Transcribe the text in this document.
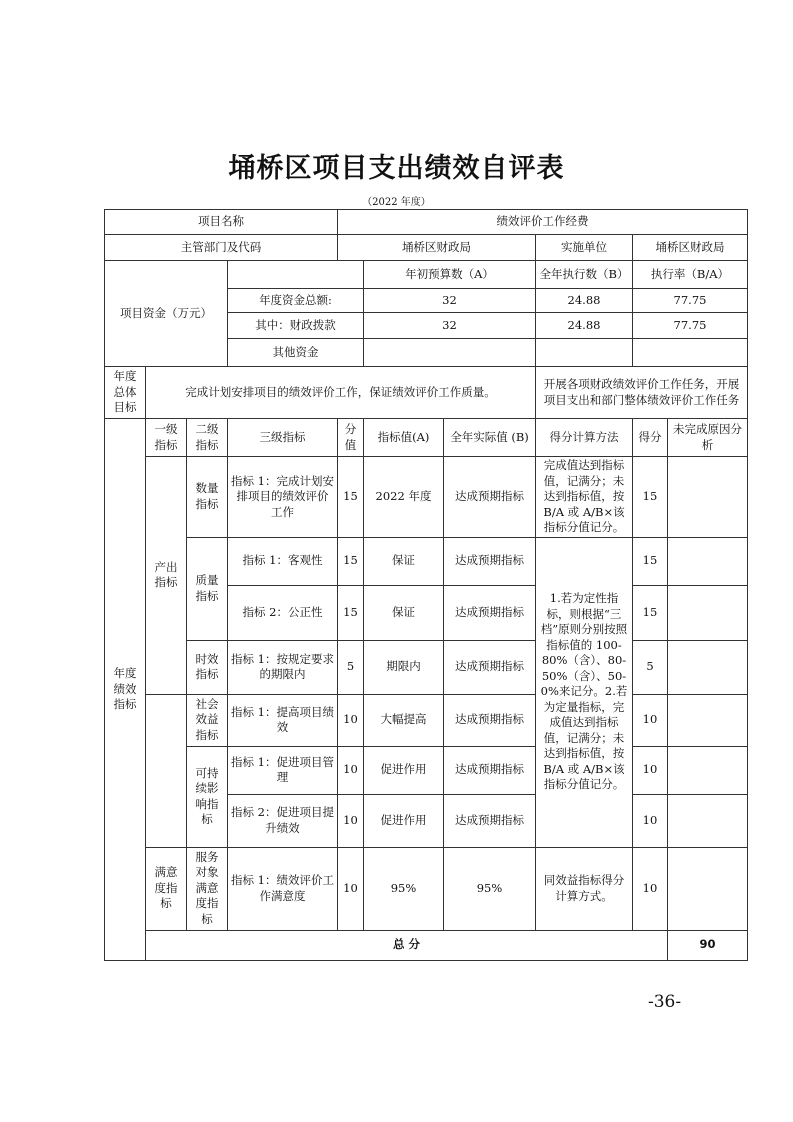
埇桥区项目支出绩效自评表
（2022 年度）
项目名称				绩效评价工作经费						
主管部门及代码				埇桥区财政局			实施单位	埇桥区财政局		
项目资金（万元）					年初预算数（A）		全年执行数（B）	执行率（B/A）		
			年度资金总额:		32		24.88	77.75		
			其中：财政拨款		32		24.88	77.75		
			其他资金							
年度总体目标	完成计划安排项目的绩效评价工作，保证绩效评价工作质量。						开展各项财政绩效评价工作任务，开展项目支出和部门整体绩效评价工作任务			
年度绩效指标	一级指标	二级指标	三级指标	分值	指标值(A)	全年实际值 (B)	得分计算方法	得分	未完成原因分析	
	产出指标	数量指标	指标 1：完成计划安排项目的绩效评价工作	15	2022 年度	达成预期指标	完成值达到指标值，记满分；未达到指标值，按 B/A 或 A/B×该指标分值记分。	15		
		质量指标	指标 1：客观性	15	保证	达成预期指标	1.若为定性指标，则根据“三档”原则分别按照指标值的 100-80%（含）、80-50%（含）、50-0%来记分。2.若为定量指标，完成值达到指标值，记满分；未达到指标值，按 B/A 或 A/B×该指标分值记分。	15		
			指标 2：公正性	15	保证	达成预期指标		15		
		时效指标	指标 1：按规定要求的期限内	5	期限内	达成预期指标		5		
		社会效益指标	指标 1：提高项目绩效	10	大幅提高	达成预期指标		10		
		可持续影响指标	指标 1：促进项目管理	10	促进作用	达成预期指标		10		
			指标 2：促进项目提升绩效	10	促进作用	达成预期指标		10		
	满意度指标	服务对象满意度指标	指标 1：绩效评价工作满意度	10	95%	95%	同效益指标得分计算方式。	10		
	总 分								90	
-36-
